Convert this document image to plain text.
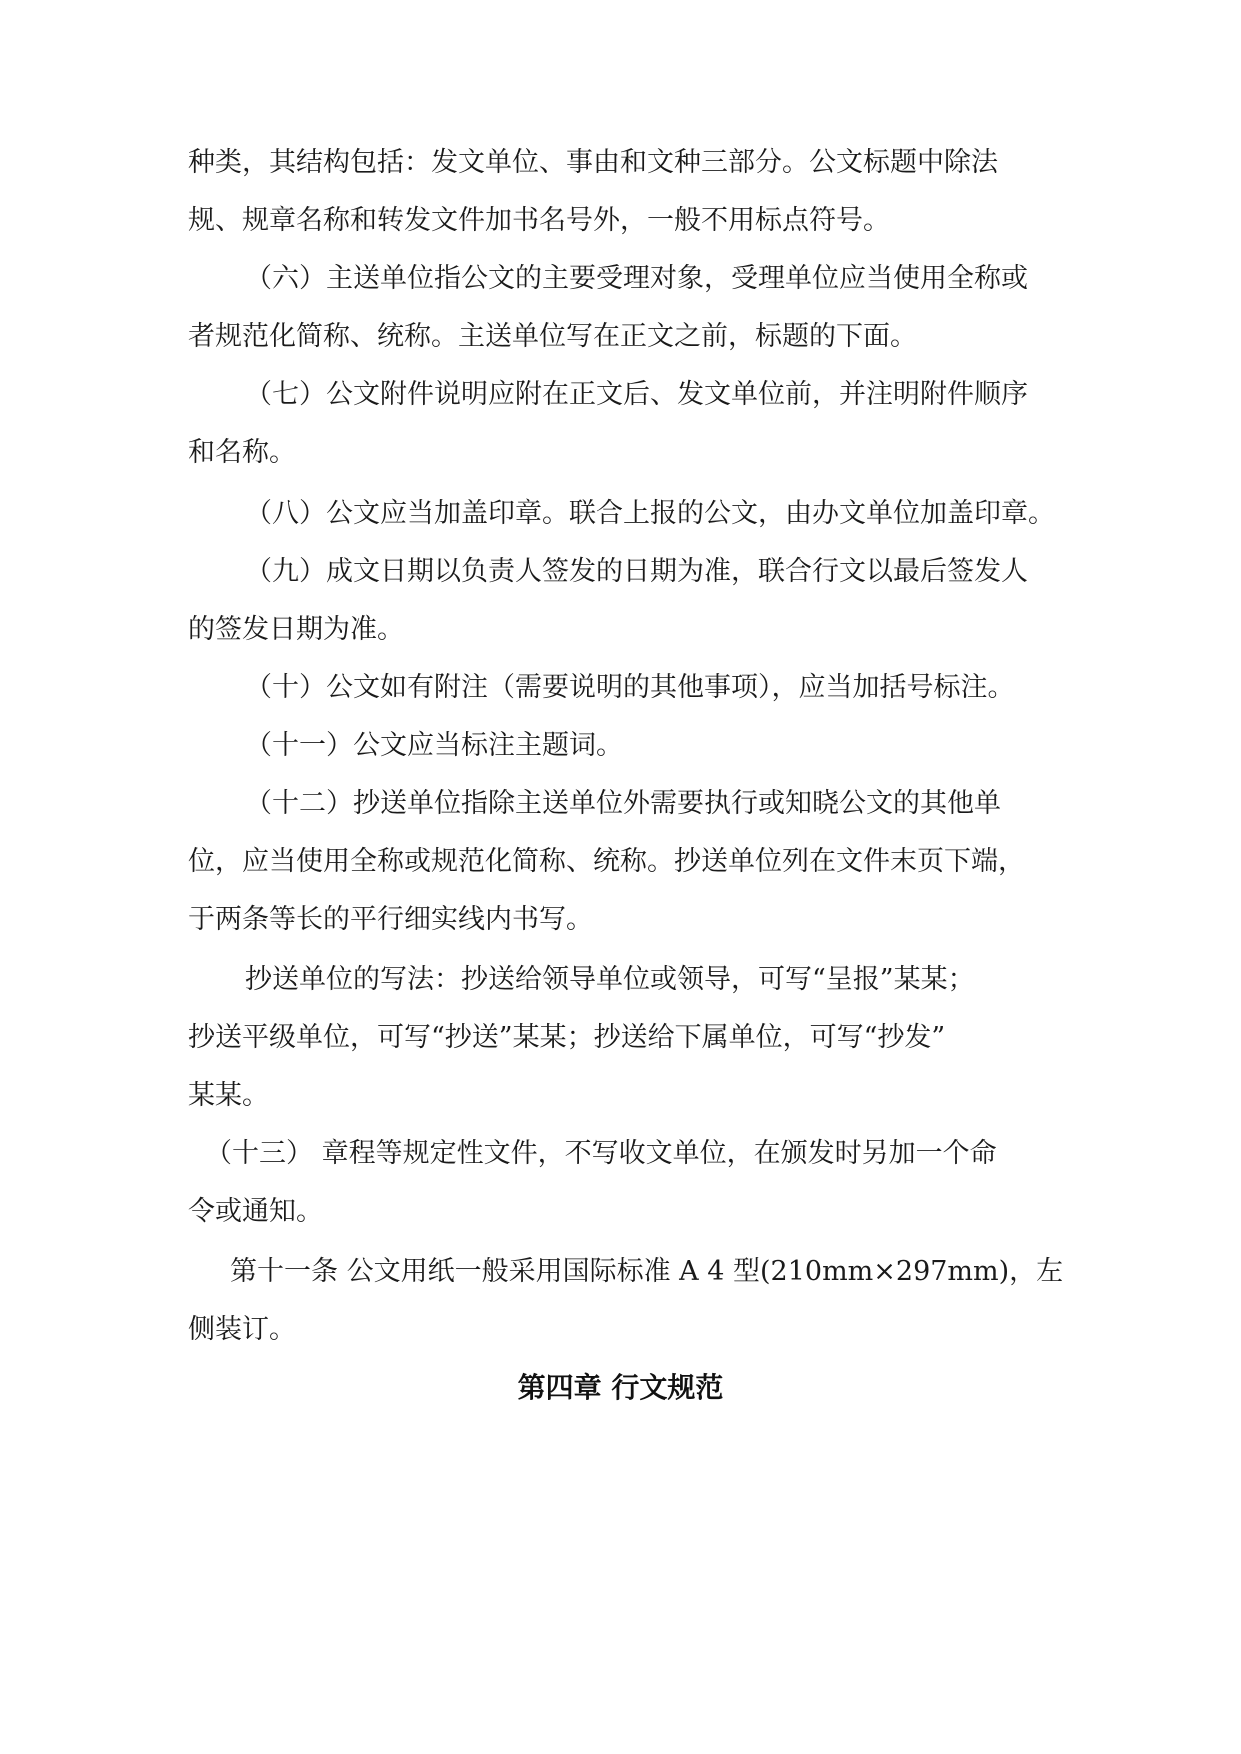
种类，其结构包括：发文单位、事由和文种三部分。公文标题中除法
规、规章名称和转发文件加书名号外，一般不用标点符号。
（六）主送单位指公文的主要受理对象，受理单位应当使用全称或
者规范化简称、统称。主送单位写在正文之前，标题的下面。
（七）公文附件说明应附在正文后、发文单位前，并注明附件顺序
和名称。
（八）公文应当加盖印章。联合上报的公文，由办文单位加盖印章。
（九）成文日期以负责人签发的日期为准，联合行文以最后签发人
的签发日期为准。
（十）公文如有附注（需要说明的其他事项），应当加括号标注。
（十一）公文应当标注主题词。
（十二）抄送单位指除主送单位外需要执行或知晓公文的其他单
位，应当使用全称或规范化简称、统称。抄送单位列在文件末页下端，
于两条等长的平行细实线内书写。
抄送单位的写法：抄送给领导单位或领导，可写“呈报”某某；
抄送平级单位，可写“抄送”某某；抄送给下属单位，可写“抄发”
某某。
（十三） 章程等规定性文件，不写收文单位，在颁发时另加一个命
令或通知。
第十一条 公文用纸一般采用国际标准 A 4 型(210mm×297mm)，左
侧装订。
第四章 行文规范
